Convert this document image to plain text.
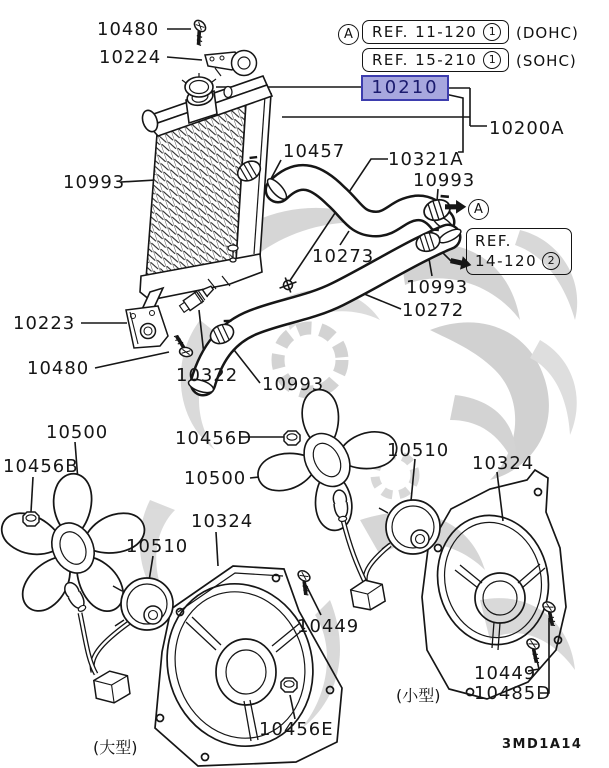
10480
10224
10200A
10457 10321A
10993
10993
10273
10993
10272
10223
10480	10322 10993
10500	10456D
10456B
10500
10510
10324
10324
10510
10449
10449
10485D
10456E
10210
A	REF. 11-120	1	(DOHC)
REF. 15-210	1	(SOHC)
A
REF.
14-120 2
(大型)
(小型)
3MD1A14
